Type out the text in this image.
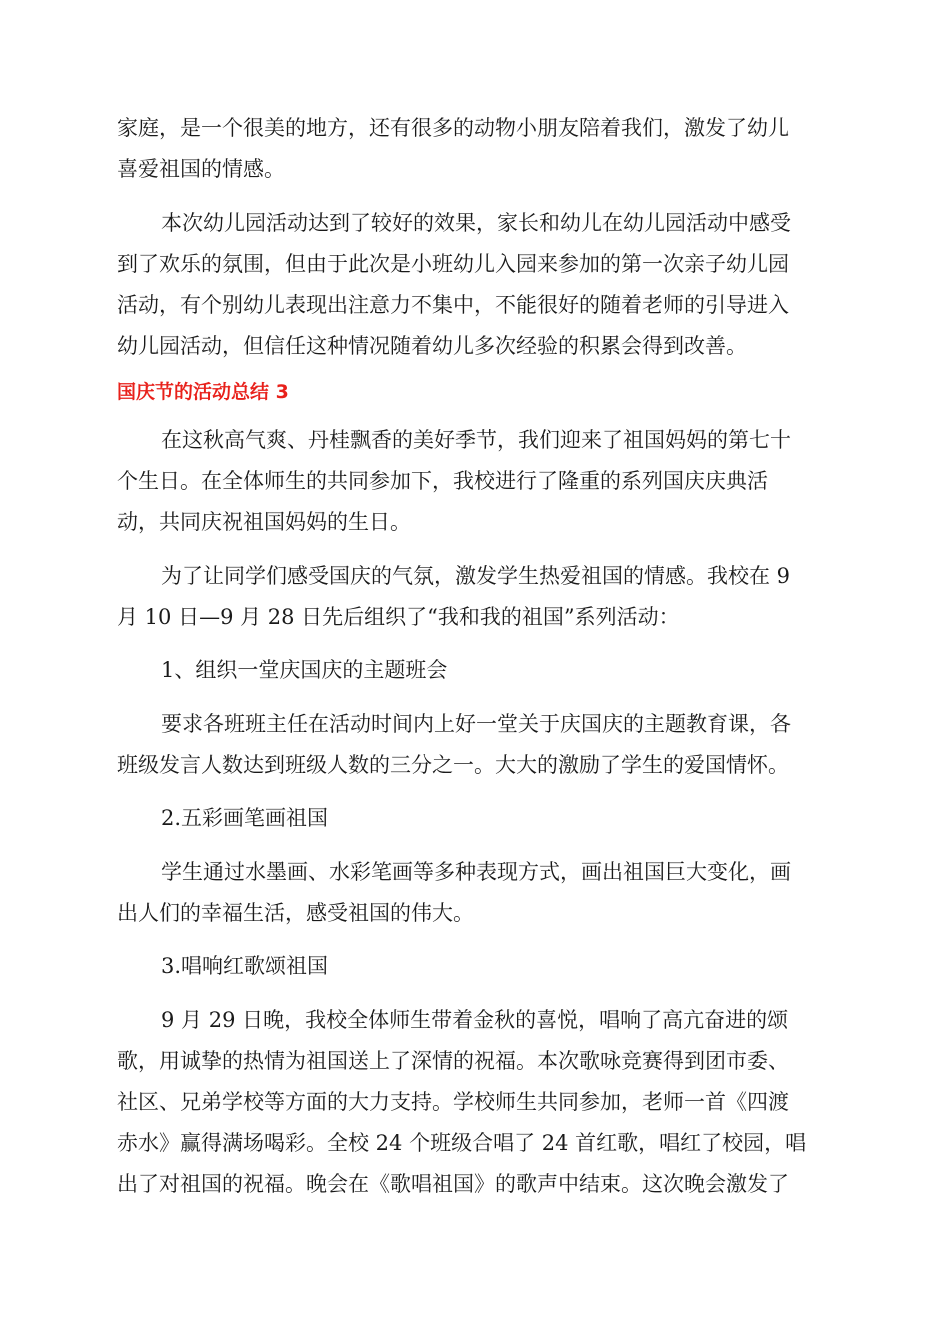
家庭，是一个很美的地方，还有很多的动物小朋友陪着我们，激发了幼儿
喜爱祖国的情感。
本次幼儿园活动达到了较好的效果，家长和幼儿在幼儿园活动中感受
到了欢乐的氛围，但由于此次是小班幼儿入园来参加的第一次亲子幼儿园
活动，有个别幼儿表现出注意力不集中，不能很好的随着老师的引导进入
幼儿园活动，但信任这种情况随着幼儿多次经验的积累会得到改善。
国庆节的活动总结 3
在这秋高气爽、丹桂飘香的美好季节，我们迎来了祖国妈妈的第七十
个生日。在全体师生的共同参加下，我校进行了隆重的系列国庆庆典活
动，共同庆祝祖国妈妈的生日。
为了让同学们感受国庆的气氛，激发学生热爱祖国的情感。我校在 9
月 10 日—9 月 28 日先后组织了“我和我的祖国”系列活动：
1、组织一堂庆国庆的主题班会
要求各班班主任在活动时间内上好一堂关于庆国庆的主题教育课，各
班级发言人数达到班级人数的三分之一。大大的激励了学生的爱国情怀。
2.五彩画笔画祖国
学生通过水墨画、水彩笔画等多种表现方式，画出祖国巨大变化，画
出人们的幸福生活，感受祖国的伟大。
3.唱响红歌颂祖国
9 月 29 日晚，我校全体师生带着金秋的喜悦，唱响了高亢奋进的颂
歌，用诚挚的热情为祖国送上了深情的祝福。本次歌咏竞赛得到团市委、
社区、兄弟学校等方面的大力支持。学校师生共同参加，老师一首《四渡
赤水》赢得满场喝彩。全校 24 个班级合唱了 24 首红歌，唱红了校园，唱
出了对祖国的祝福。晚会在《歌唱祖国》的歌声中结束。这次晚会激发了
